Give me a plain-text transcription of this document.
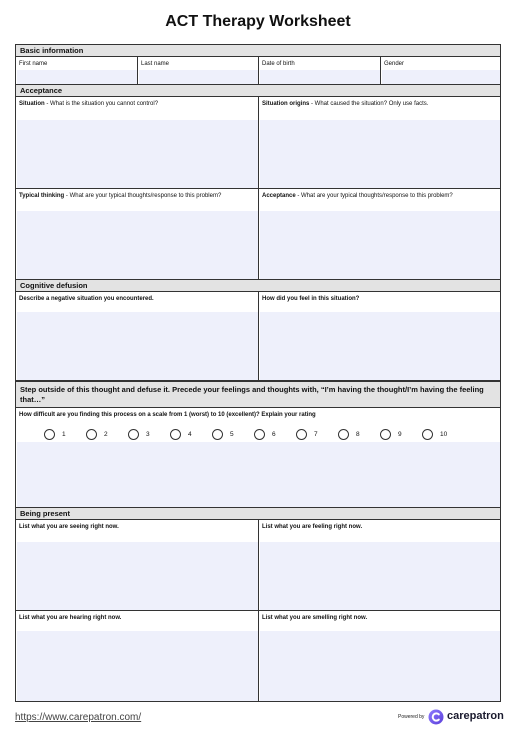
ACT Therapy Worksheet
Basic information
First name	Last name	Date of birth	Gender
Acceptance
Situation - What is the situation you cannot control?	Situation origins - What caused the situation? Only use facts.
Typical thinking - What are your typical thoughts/response to this problem?	Acceptance - What are your typical thoughts/response to this problem?
Cognitive defusion
Describe a negative situation you encountered.	How did you feel in this situation?
Step outside of this thought and defuse it. Precede your feelings and thoughts with, “I’m having the thought/I’m having the feeling that…”
How difficult are you finding this process on a scale from 1 (worst) to 10 (excellent)? Explain your rating
1	2	3	4	5	6	7	8	9	10
Being present
List what you are seeing right now.	List what you are feeling right now.
List what you are hearing right now.	List what you are smelling right now.
https://www.carepatron.com/	Powered by carepatron
